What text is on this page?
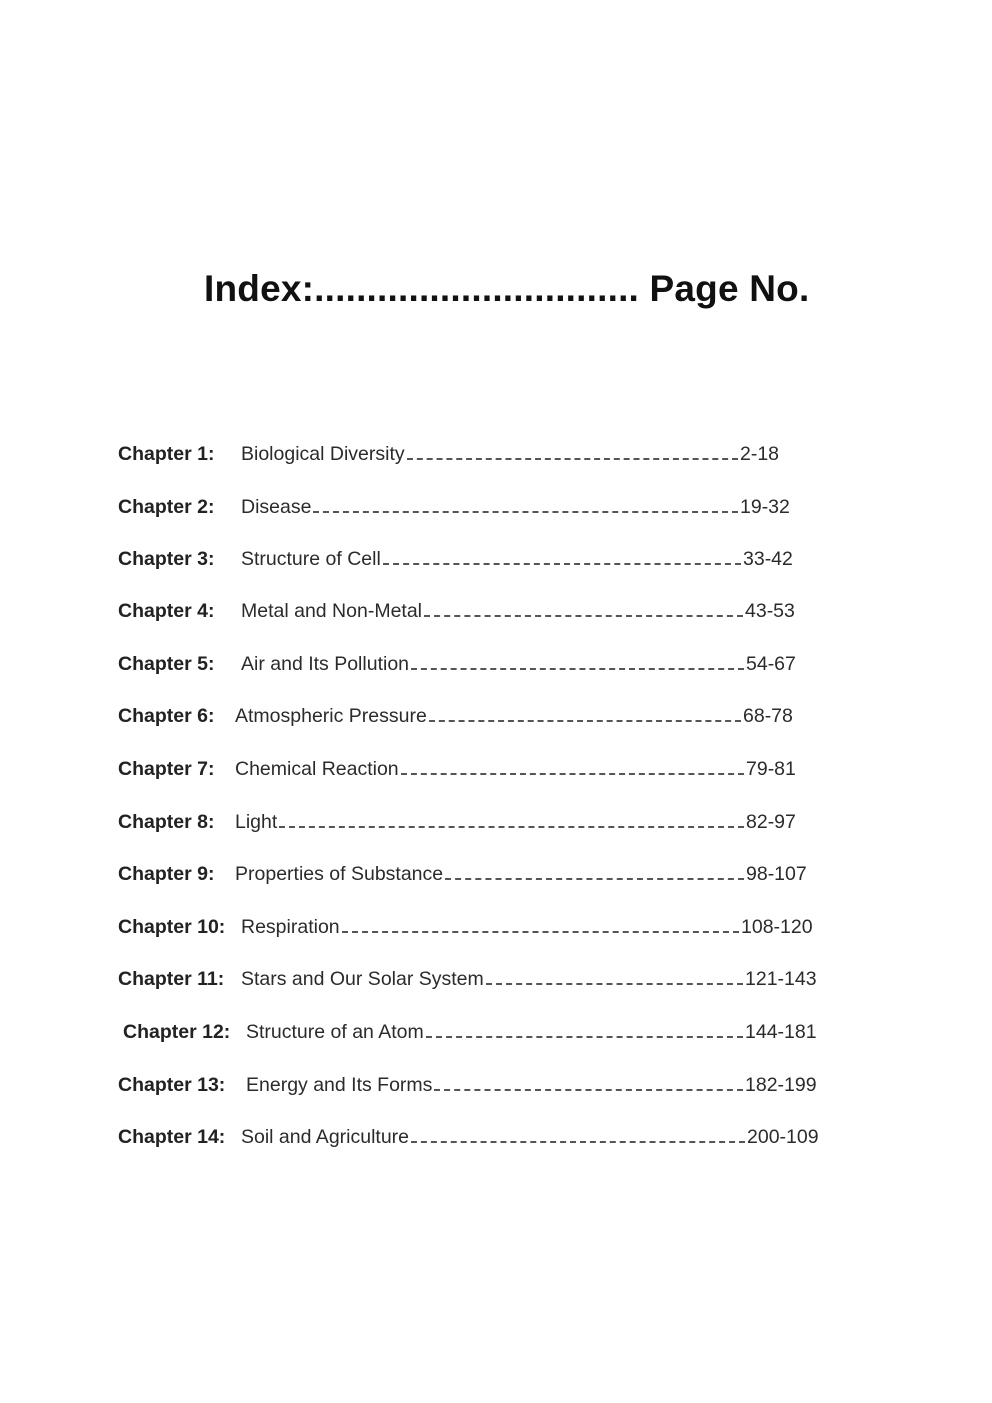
Index:............................... Page No.
Chapter 1: Biological Diversity	2-18
Chapter 2: Disease	19-32
Chapter 3: Structure of Cell	33-42
Chapter 4: Metal and Non-Metal	43-53
Chapter 5: Air and Its Pollution	54-67
Chapter 6: Atmospheric Pressure	68-78
Chapter 7: Chemical Reaction	79-81
Chapter 8: Light	82-97
Chapter 9: Properties of Substance	98-107
Chapter 10: Respiration	108-120
Chapter 11: Stars and Our Solar System	121-143
Chapter 12: Structure of an Atom	144-181
Chapter 13: Energy and Its Forms	182-199
Chapter 14: Soil and Agriculture	200-109
